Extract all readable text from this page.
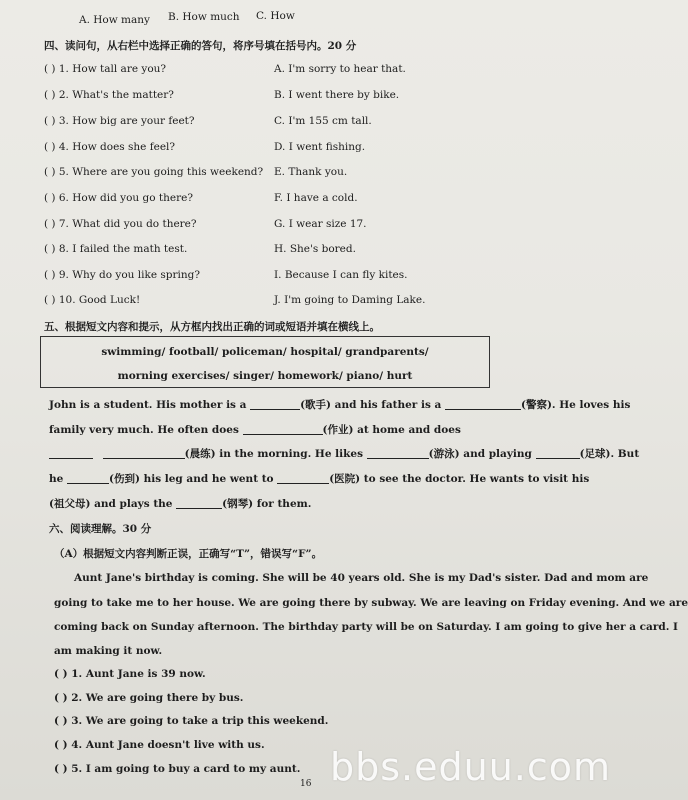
A. How many B. How much C. How
四、读问句，从右栏中选择正确的答句，将序号填在括号内。20 分
( ) 1. How tall are you?	A. I'm sorry to hear that.
( ) 2. What's the matter?	B. I went there by bike.
( ) 3. How big are your feet?	C. I'm 155 cm tall.
( ) 4. How does she feel?	D. I went fishing.
( ) 5. Where are you going this weekend? E. Thank you.
( ) 6. How did you go there?	F. I have a cold.
( ) 7. What did you do there?	G. I wear size 17.
( ) 8. I failed the math test.	H. She's bored.
( ) 9. Why do you like spring?	I. Because I can fly kites.
( ) 10. Good Luck!	J. I'm going to Daming Lake.
五、根据短文内容和提示，从方框内找出正确的词或短语并填在横线上。
swimming/ football/ policeman/ hospital/ grandparents/
morning exercises/ singer/ homework/ piano/ hurt
John is a student. His mother is a	(歌手) and his father is a	(警察). He loves his
family very much. He often does	(作业) at home and does
(晨练) in the morning. He likes	(游泳) and playing	(足球). But
he	(伤到) his leg and he went to	(医院) to see the doctor. He wants to visit his
(祖父母) and plays the	(钢琴) for them.
六、阅读理解。30 分
（A）根据短文内容判断正误，正确写“T”，错误写“F”。
Aunt Jane's birthday is coming. She will be 40 years old. She is my Dad's sister. Dad and mom are
going to take me to her house. We are going there by subway. We are leaving on Friday evening. And we are
coming back on Sunday afternoon. The birthday party will be on Saturday. I am going to give her a card. I
am making it now.
( ) 1. Aunt Jane is 39 now.
( ) 2. We are going there by bus.
( ) 3. We are going to take a trip this weekend.
( ) 4. Aunt Jane doesn't live with us.
( ) 5. I am going to buy a card to my aunt.
16 bbs.eduu.com
